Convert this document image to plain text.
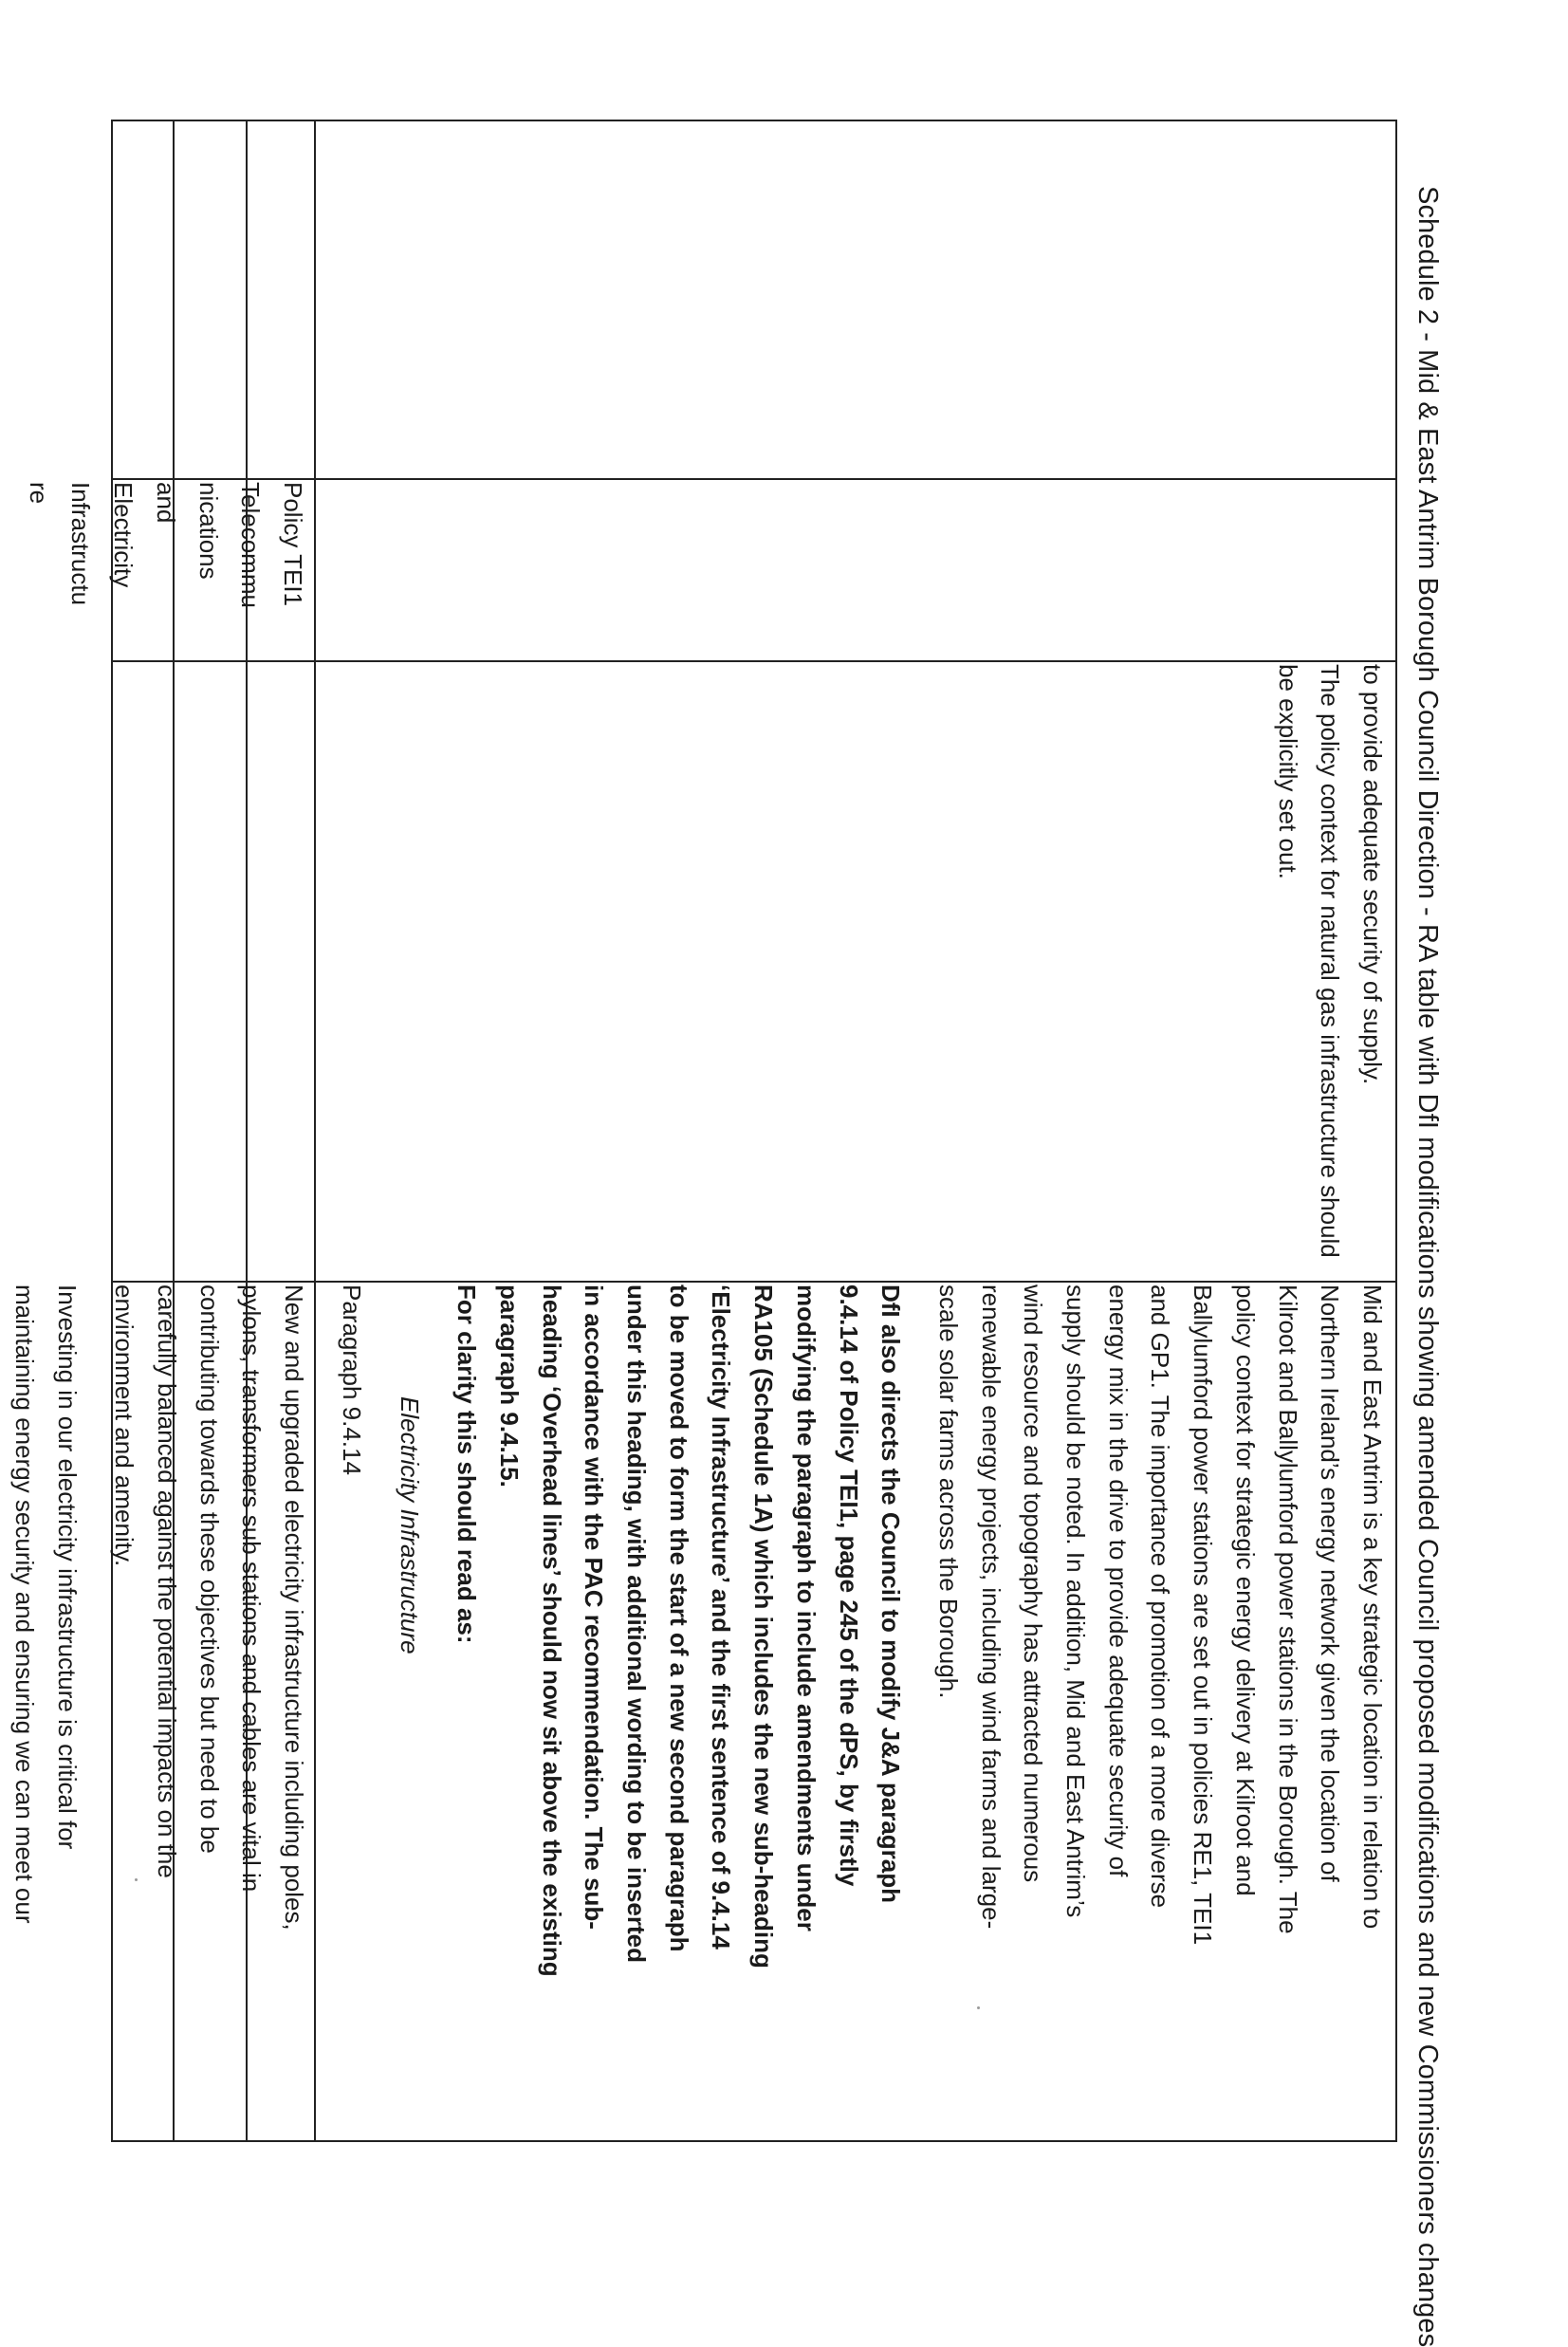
Schedule 2 - Mid & East Antrim Borough Council Direction - RA table with DfI modifications showing amended Council proposed modifications and new Commissioners changes
Policy TEI1
Telecommu
nications
and
Electricity
Infrastructu
re
to provide adequate security of supply.
The policy context for natural gas infrastructure should
be explicitly set out.
Mid and East Antrim is a key strategic location in relation to
Northern Ireland’s energy network given the location of
Kilroot and Ballylumford power stations in the Borough. The
policy context for strategic energy delivery at Kilroot and
Ballylumford power stations are set out in policies RE1, TEI1
and GP1. The importance of promotion of a more diverse
energy mix in the drive to provide adequate security of
supply should be noted. In addition, Mid and East Antrim’s
wind resource and topography has attracted numerous
renewable energy projects, including wind farms and large-
scale solar farms across the Borough.
DfI also directs the Council to modify J&A paragraph
9.4.14 of Policy TEI1, page 245 of the dPS, by firstly
modifying the paragraph to include amendments under
RA105 (Schedule 1A) which includes the new sub-heading
‘Electricity Infrastructure’ and the first sentence of 9.4.14
to be moved to form the start of a new second paragraph
under this heading, with additional wording to be inserted
in accordance with the PAC recommendation. The sub-
heading ‘Overhead lines’ should now sit above the existing
paragraph 9.4.15.
For clarity this should read as:
Electricity Infrastructure
Paragraph 9.4.14
New and upgraded electricity infrastructure including poles,
pylons, transformers sub stations and cables are vital in
contributing towards these objectives but need to be
carefully balanced against the potential impacts on the
environment and amenity.
Investing in our electricity infrastructure is critical for
maintaining energy security and ensuring we can meet our
